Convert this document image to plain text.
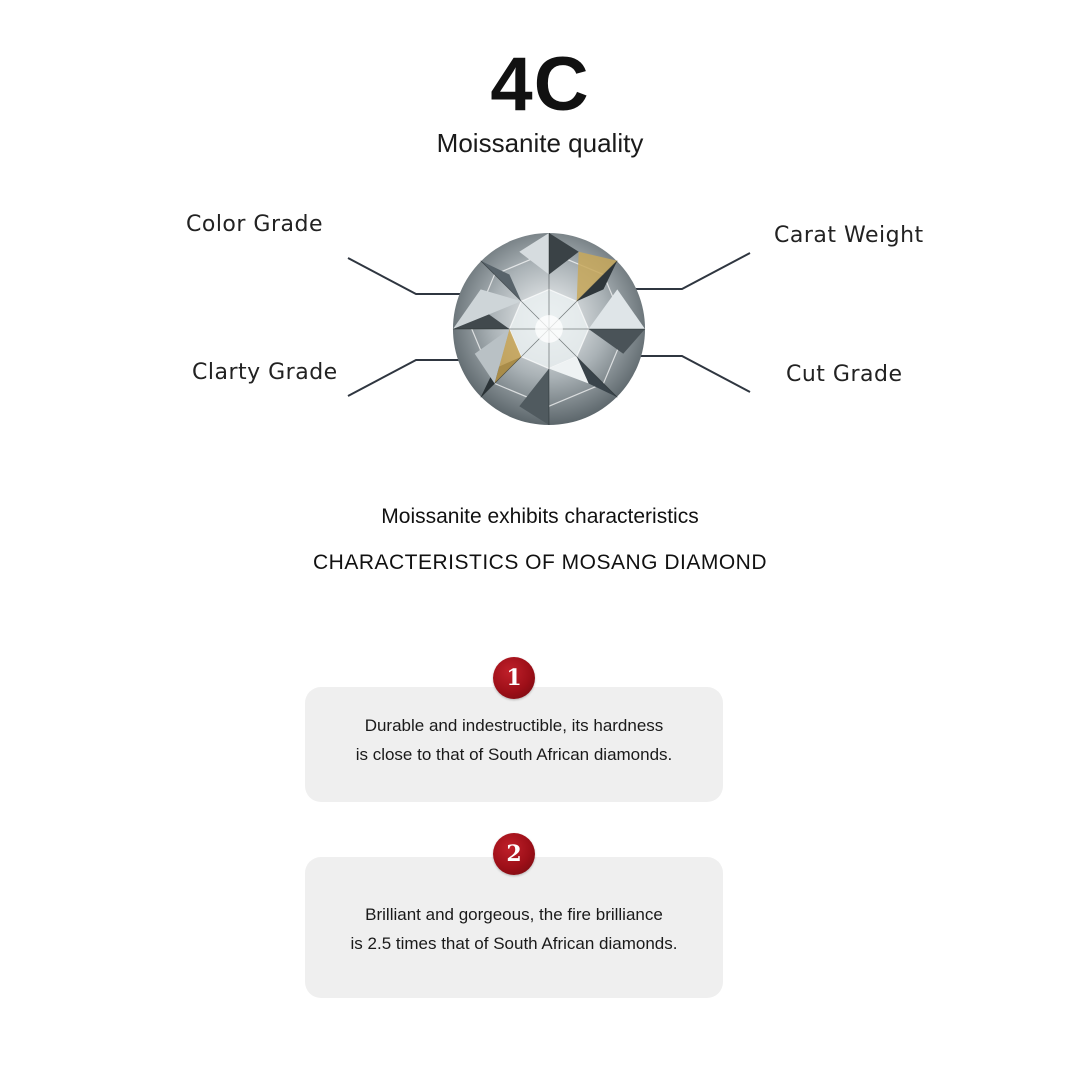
4C
Moissanite quality
Color Grade
Clarty Grade
Carat Weight
Cut Grade
Moissanite exhibits characteristics
CHARACTERISTICS OF MOSANG DIAMOND
Durable and indestructible, its hardness
is close to that of South African diamonds.
1
Brilliant and gorgeous, the fire brilliance
is 2.5 times that of South African diamonds.
2
